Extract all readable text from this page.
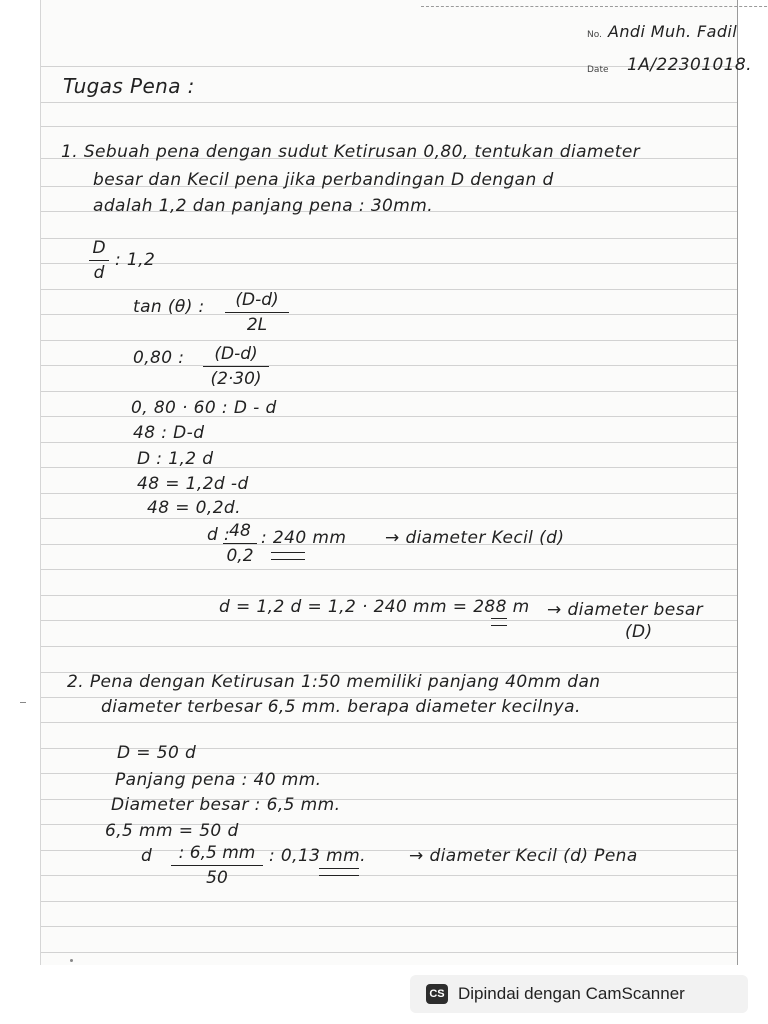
No. Andi Muh. Fadil
Date 1A/22301018.
Tugas Pena :
1. Sebuah pena dengan sudut Ketirusan 0,80, tentukan diameter
besar dan Kecil pena jika perbandingan D dengan d
adalah 1,2 dan panjang pena : 30mm.
D
d
: 1,2
tan (θ) :	(D-d)
2L
0,80 :	(D-d)
(2·30)
0, 80 · 60 : D - d
48 : D-d
D : 1,2 d
48 = 1,2d -d
48 = 0,2d.
d : 48
0,2
: 240 mm → diameter Kecil (d)
d = 1,2 d = 1,2 · 240 mm = 288 m → diameter besar
(D)
2. Pena dengan Ketirusan 1:50 memiliki panjang 40mm dan
diameter terbesar 6,5 mm. berapa diameter kecilnya.
D = 50 d
Panjang pena : 40 mm.
Diameter besar : 6,5 mm.
6,5 mm = 50 d
d	: 6,5 mm
50
: 0,13 mm.	→ diameter Kecil (d) Pena
CS Dipindai dengan CamScanner
